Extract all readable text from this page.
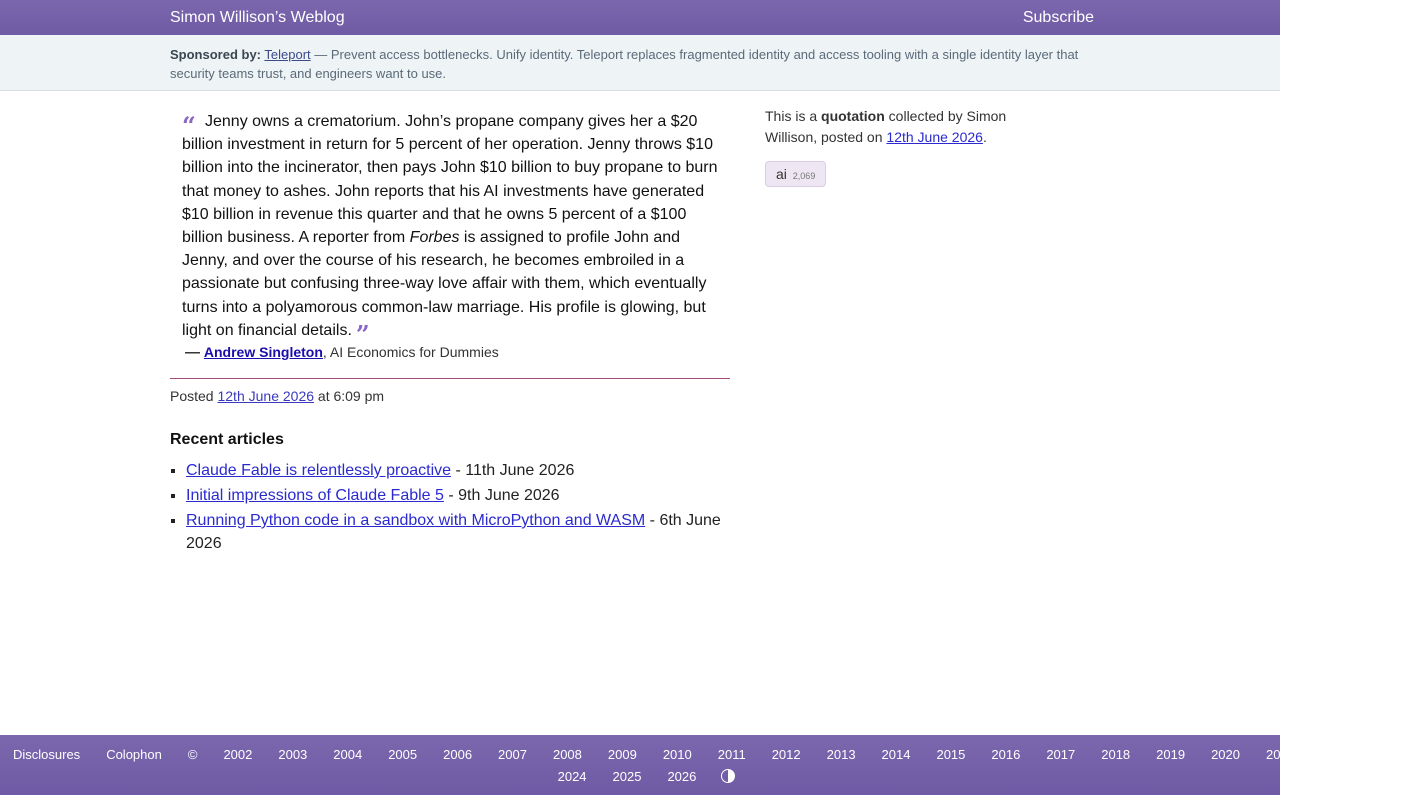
Simon Willison’s Weblog	Subscribe
Sponsored by: Teleport — Prevent access bottlenecks. Unify identity. Teleport replaces fragmented identity and access tooling with a single identity layer that security teams trust, and engineers want to use.
“ Jenny owns a crematorium. John’s propane company gives her a $20 billion investment in return for 5 percent of her operation. Jenny throws $10 billion into the incinerator, then pays John $10 billion to buy propane to burn that money to ashes. John reports that his AI investments have generated $10 billion in revenue this quarter and that he owns 5 percent of a $100 billion business. A reporter from Forbes is assigned to profile John and Jenny, and over the course of his research, he becomes embroiled in a passionate but confusing three-way love affair with them, which eventually turns into a polyamorous common-law marriage. His profile is glowing, but light on financial details. ”

— Andrew Singleton, AI Economics for Dummies

Posted 12th June 2026 at 6:09 pm
Recent articles
▪ Claude Fable is relentlessly proactive - 11th June 2026
▪ Initial impressions of Claude Fable 5 - 9th June 2026
▪ Running Python code in a sandbox with MicroPython and WASM - 6th June 2026

This is a quotation collected by Simon Willison, posted on 12th June 2026.

ai 2,069
Disclosures Colophon © 2002 2003 2004 2005 2006 2007 2008 2009 2010 2011 2012 2013 2014 2015 2016 2017 2018 2019 2020 2021 2022 2023
2024 2025 2026
